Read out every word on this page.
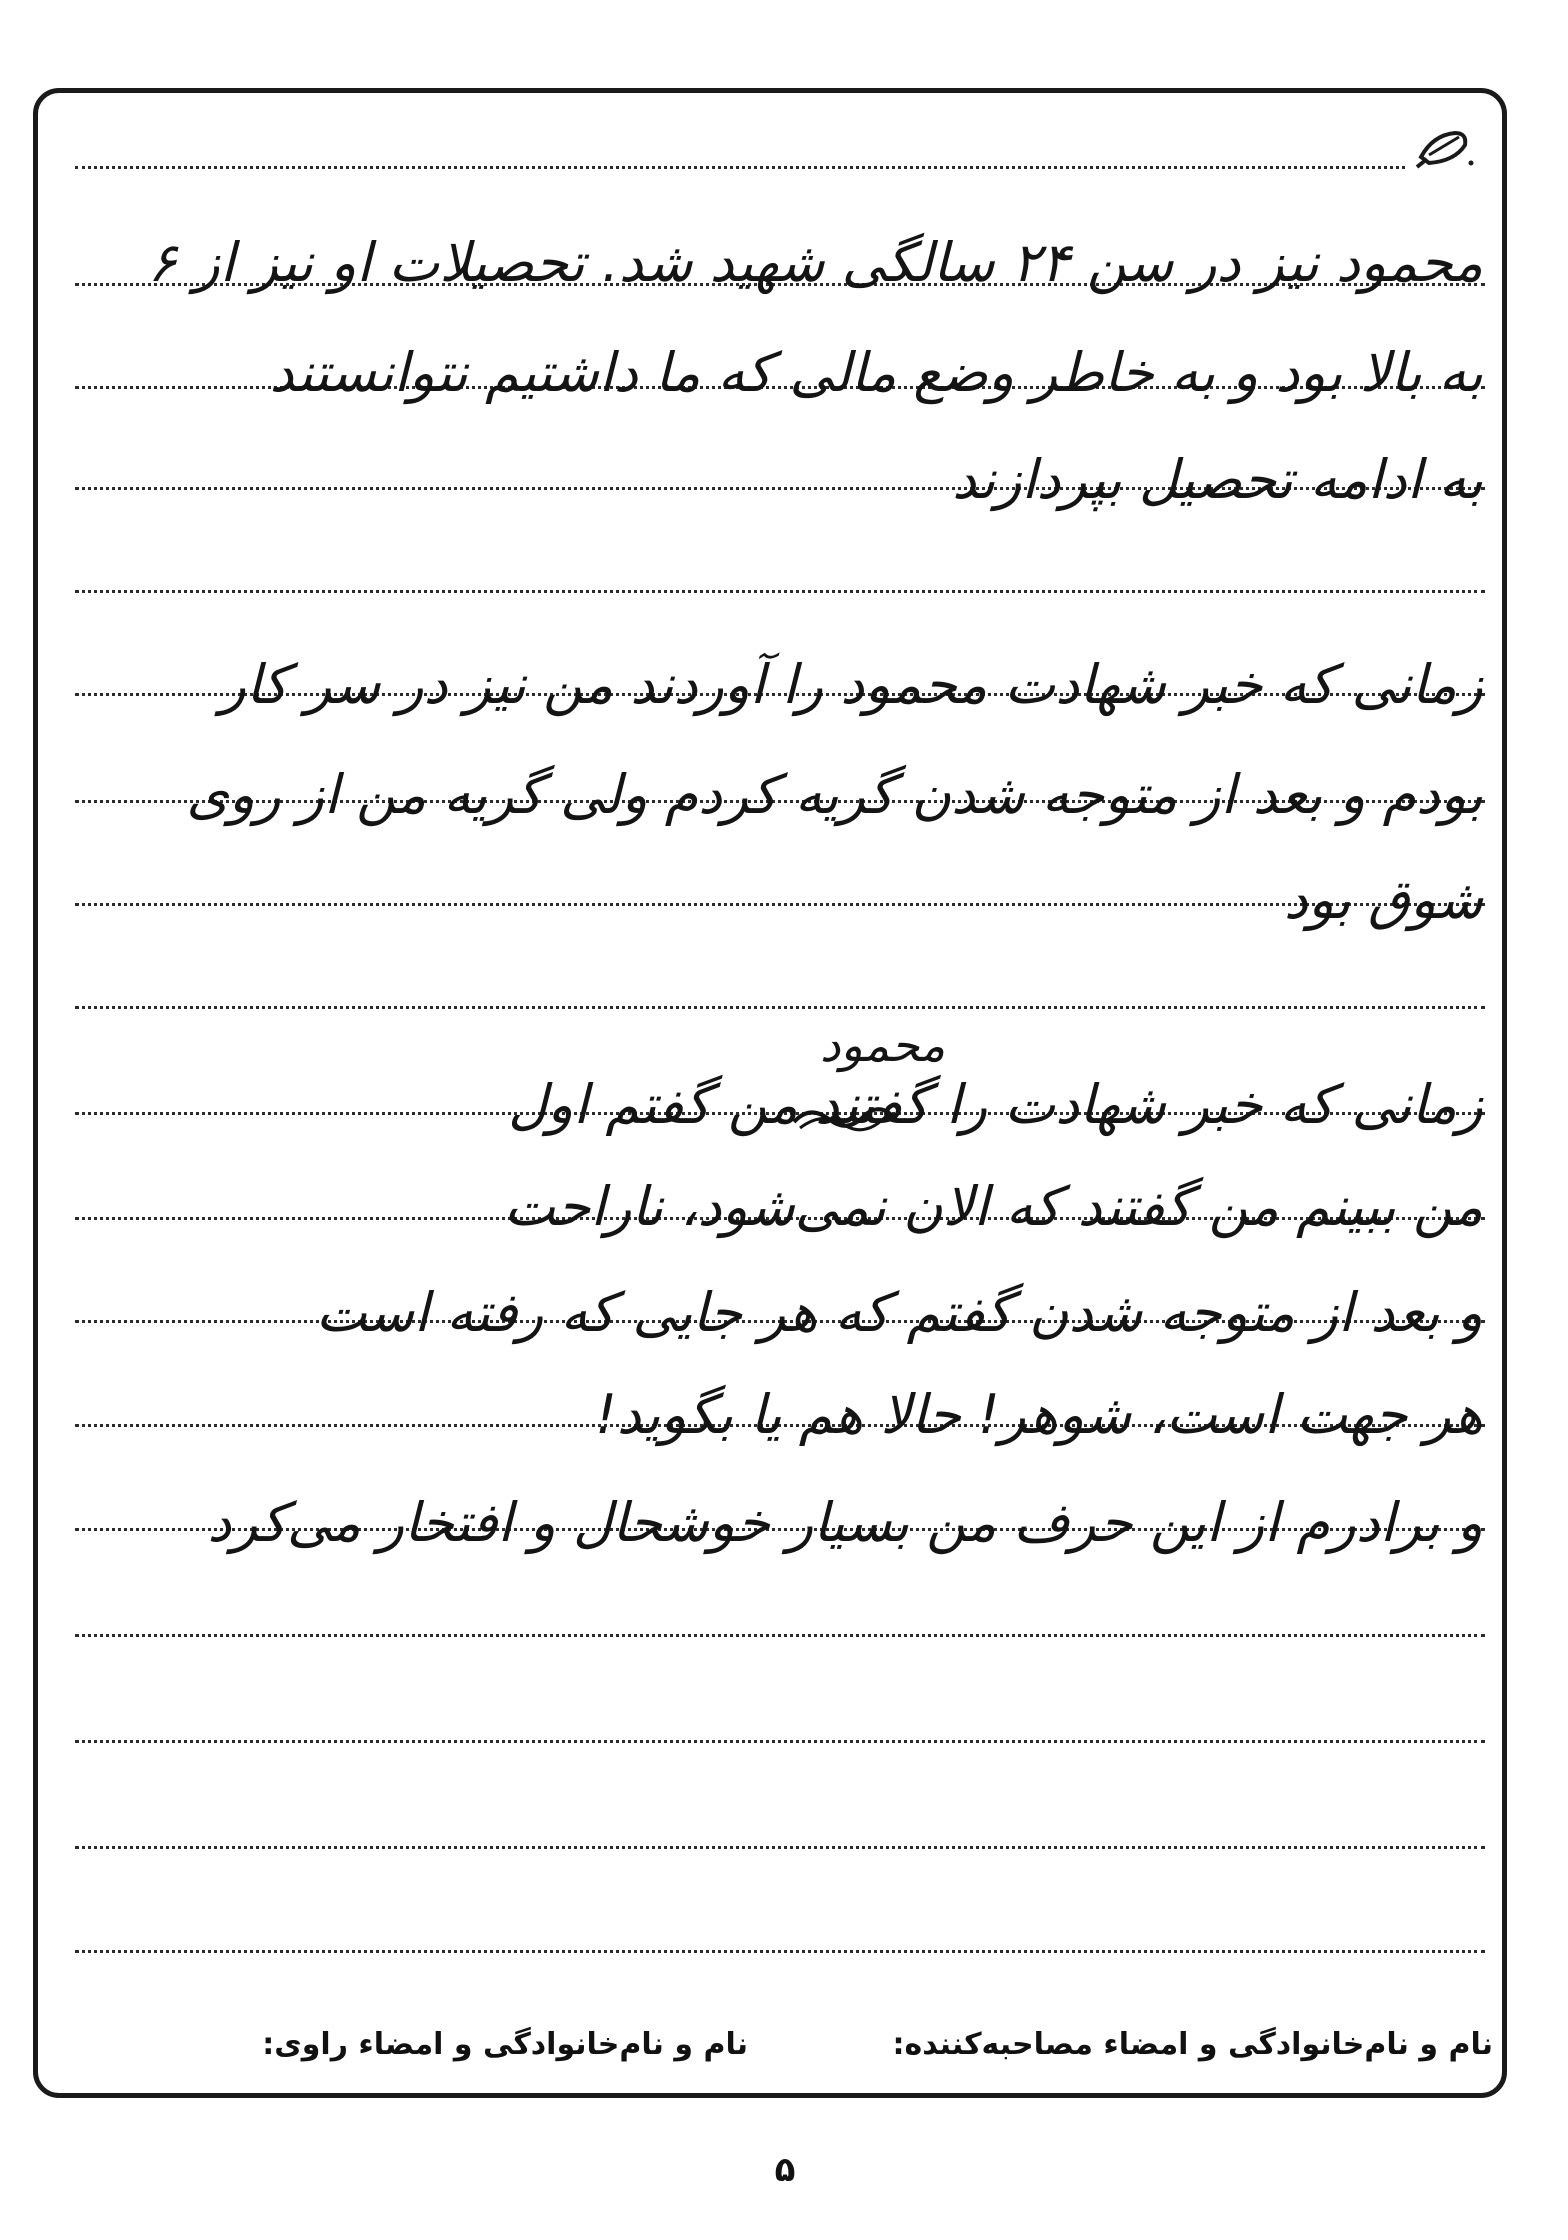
محمود نیز در سن ۲۴ سالگی شهید شد. تحصیلات او نیز از ۶
به بالا بود و به خاطر وضع مالی که ما داشتیم نتوانستند
به ادامه تحصیل بپردازند
زمانی که خبر شهادت محمود را آوردند من نیز در سر کار
بودم و بعد از متوجه شدن گریه کردم ولی گریه من از روی
شوق بود
زمانی که خبر شهادت را گفتند من گفتم اول
من ببینم من گفتند که الان نمی‌شود، ناراحت
و بعد از متوجه شدن گفتم که هر جایی که رفته است
هر جهت است، شوهر! حالا هم یا بگوید!
و برادرم از این حرف من بسیار خوشحال و افتخار می‌کرد
محمود
نام و نام‌خانوادگی و امضاء مصاحبه‌کننده:
نام و نام‌خانوادگی و امضاء راوی:
۵
